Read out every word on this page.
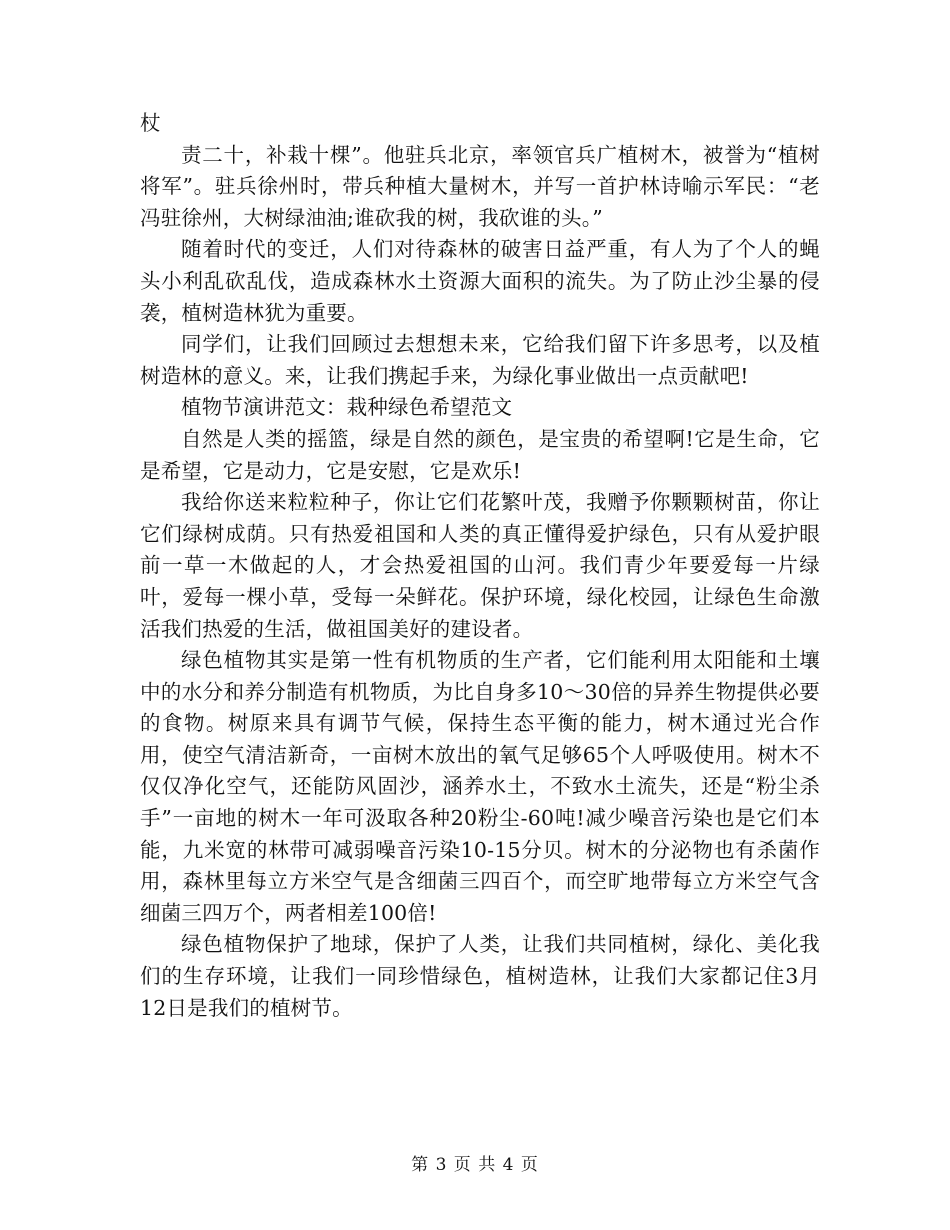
杖

责二十，补栽十棵”。他驻兵北京，率领官兵广植树木，被誉为“植树将军”。驻兵徐州时，带兵种植大量树木，并写一首护林诗喻示军民：“老冯驻徐州，大树绿油油;谁砍我的树，我砍谁的头。”

随着时代的变迁，人们对待森林的破害日益严重，有人为了个人的蝇头小利乱砍乱伐，造成森林水土资源大面积的流失。为了防止沙尘暴的侵袭，植树造林犹为重要。

同学们，让我们回顾过去想想未来，它给我们留下许多思考，以及植树造林的意义。来，让我们携起手来，为绿化事业做出一点贡献吧!

植物节演讲范文：栽种绿色希望范文

自然是人类的摇篮，绿是自然的颜色，是宝贵的希望啊!它是生命，它是希望，它是动力，它是安慰，它是欢乐!

我给你送来粒粒种子，你让它们花繁叶茂，我赠予你颗颗树苗，你让它们绿树成荫。只有热爱祖国和人类的真正懂得爱护绿色，只有从爱护眼前一草一木做起的人，才会热爱祖国的山河。我们青少年要爱每一片绿叶，爱每一棵小草，受每一朵鲜花。保护环境，绿化校园，让绿色生命激活我们热爱的生活，做祖国美好的建设者。

绿色植物其实是第一性有机物质的生产者，它们能利用太阳能和土壤中的水分和养分制造有机物质，为比自身多10～30倍的异养生物提供必要的食物。树原来具有调节气候，保持生态平衡的能力，树木通过光合作用，使空气清洁新奇，一亩树木放出的氧气足够65个人呼吸使用。树木不仅仅净化空气，还能防风固沙，涵养水土，不致水土流失，还是“粉尘杀手”一亩地的树木一年可汲取各种20粉尘-60吨!减少噪音污染也是它们本能，九米宽的林带可减弱噪音污染10-15分贝。树木的分泌物也有杀菌作用，森林里每立方米空气是含细菌三四百个，而空旷地带每立方米空气含细菌三四万个，两者相差100倍!

绿色植物保护了地球，保护了人类，让我们共同植树，绿化、美化我们的生存环境，让我们一同珍惜绿色，植树造林，让我们大家都记住3月12日是我们的植树节。

第 3 页 共 4 页
